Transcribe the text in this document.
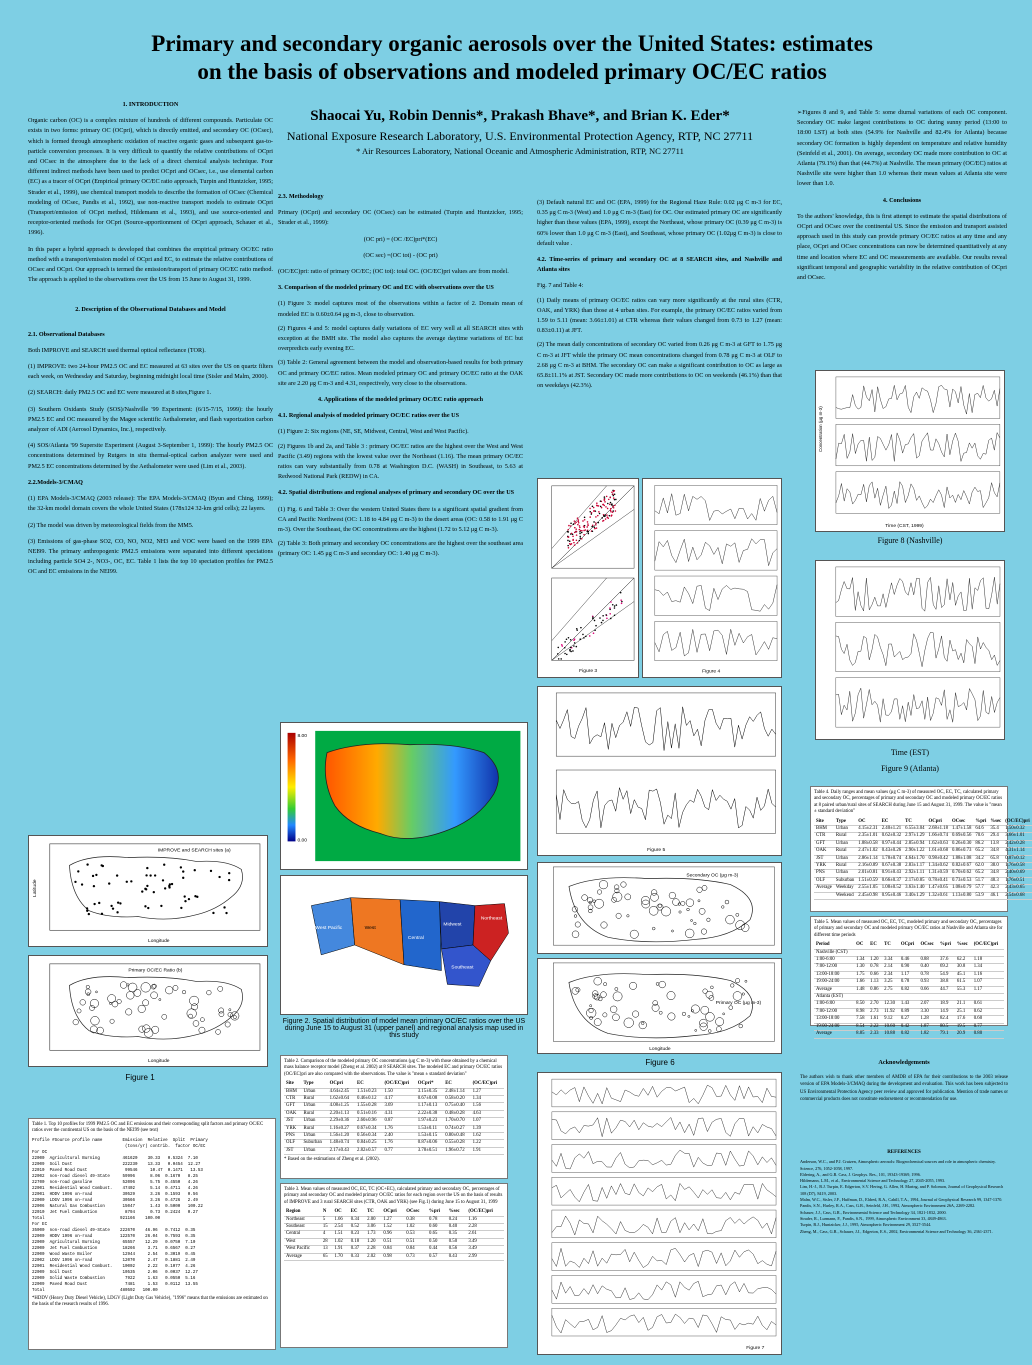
Primary and secondary organic aerosols over the United States: estimates
on the basis of observations and modeled primary OC/EC ratios
Shaocai Yu, Robin Dennis*, Prakash Bhave*, and Brian K. Eder*
National Exposure Research Laboratory, U.S. Environmental Protection Agency, RTP, NC 27711
* Air Resources Laboratory, National Oceanic and Atmospheric Administration, RTP, NC 27711
1. INTRODUCTION

Organic carbon (OC) is a complex mixture of hundreds of different compounds. Particulate OC exists in two forms: primary OC (OCpri), which is directly emitted, and secondary OC (OCsec), which is formed through atmospheric oxidation of reactive organic gases and subsequent gas-to-particle conversion processes. It is very difficult to quantify the relative contributions of OCpri and OCsec in the atmosphere due to the lack of a direct chemical analysis technique. Four different indirect methods have been used to predict OCpri and OCsec, i.e., use elemental carbon (EC) as a tracer of OCpri (Empirical primary OC/EC ratio approach, Turpin and Huntzicker, 1995; Strader et al., 1999), use chemical transport models to describe the formation of OCsec (Chemical modeling of OCsec, Pandis et al., 1992), use non-reactive transport models to estimate OCpri (Transport/emission of OCpri method, Hildemann et al., 1993), and use source-oriented and receptor-oriented methods for OCpri (Source-apportionment of OCpri approach, Schauer et al., 1996).

In this paper a hybrid approach is developed that combines the empirical primary OC/EC ratio method with a transport/emission model of OCpri and EC, to estimate the relative contributions of OCsec and OCpri. Our approach is termed the emission/transport of primary OC/EC ratio method. The approach is applied to the observations over the US from 15 June to August 31, 1999.

2. Description of the Observational Databases and Model
2.1. Observational Databases

Both IMPROVE and SEARCH used thermal optical reflectance (TOR).

(1) IMPROVE: two 24-hour PM2.5 OC and EC measured at 63 sites over the US on quartz filters each week, on Wednesday and Saturday, beginning midnight local time (Sisler and Malm, 2000).

(2) SEARCH: daily PM2.5 OC and EC were measured at 8 sites,Figure 1.

(3) Southern Oxidants Study (SOS)/Nashville '99 Experiment: (6/15-7/15, 1999): the hourly PM2.5 EC and OC measured by the Magee scientific Aethalometer, and flash vaporization carbon analyzer of ADI (Aerosol Dynamics, Inc.), respectively.

(4) SOS/Atlanta '99 Supersite Experiment (August 3-September 1, 1999): The hourly PM2.5 OC concentrations determined by Rutgers in situ thermal-optical carbon analyzer were used and PM2.5 EC concentrations determined by the Aethalometer were used (Lim et al., 2003).

2.2.Models-3/CMAQ

(1) EPA Models-3/CMAQ (2003 release): The EPA Models-3/CMAQ (Byun and Ching, 1999); the 32-km model domain covers the whole United States (178x124 32-km grid cells); 22 layers.

(2) The model was driven by meteorological fields from the MM5.

(3) Emissions of gas-phase SO2, CO, NO, NO2, NH3 and VOC were based on the 1999 EPA NEI99. The primary anthropogenic PM2.5 emissions were separated into different speciations including particle SO4 2-, NO3-, OC, EC. Table 1 lists the top 10 speciation profiles for PM2.5 OC and EC emissions in the NEI99.

IMPROVE and SEARCH sites (a)
Longitude
Latitude
Primary OC/EC Ratio (b)
Longitude
Figure 1
Table 1. Top 10 profiles for 1999 PM2.5 OC and EC emissions and their corresponding split factors and primary OC/EC ratios over the continental US on the basis of the NEI99 (see text)
Profile #Source profile name        Emission  Relative  Split  Primary
(tons/yr) contrib.  factor OC/EC
For OC
22000  Agricultural Burning         461620    30.33   0.5324  7.10
22009  Soil Dust                    222230    13.33   0.0454  12.27
22010  Paved Road Dust               99546     10.47  0.1471   13.53
22002  non-road diesel 49-State     59996      8.06  0.1670   8.25
22700  non-road gasoline            52096      5.75  0.4550   4.26
22001  Residential Wood Combust.    47402      5.14  0.4711   4.26
22001  HDDV 1996 on-road            30529      3.26  0.1593   0.56
22000  LDGV 1996 on-road            30566      3.26  0.4726   2.49
22006  Natural Gas Combustion       15047      1.43  0.5000   100.22
22010  Jet Fuel Combustion           8794      0.73  0.2424   0.27
Total                              921166    100.00
For EC
35000  non-road diesel 49-State    222670    46.96   0.7412  0.35
22000  HDDV 1996 on-road           122570    26.04   0.7593  0.35
22000  Agricultural Burning         65557    12.29   0.0750  7.10
22000  Jet Fuel Combustion          18266     3.71   0.6567  0.27
22000  Wood Waste Boiler            12944     2.54   0.3019  0.45
22002  LDGV 1996 on-road            12070     2.47   0.1881  2.49
22001  Residential Wood Combust.    10002     2.22   0.1077  4.26
22009  Soil Dust                    10535     2.06   0.0037  12.27
22000  Solid Waste Combustion        7922     1.63   0.0550  5.16
22009  Paved Road Dust               7481     1.53   0.0112  13.55
Total                              480592   100.00
*HDDV (Heavy Duty Diesel Vehicle), LDGV (Light Duty Gas Vehicle), "1996" means that the emissions are estimated on the basis of the research results of 1996.
2.3. Methodology

Primary (OCpri) and secondary OC (OCsec) can be estimated (Turpin and Huntzicker, 1995; Strader et al., 1999):

(OC pri) = (OC /EC)pri*(EC)

(OC sec) =(OC tot) - (OC pri)

(OC/EC)pri: ratio of primary OC/EC; (OC tot): total OC. (OC/EC)pri values are from model.

3. Comparison of the modeled primary OC and EC with observations over the US

(1) Figure 3: model captures most of the observations within a factor of 2. Domain mean of modeled EC is 0.60±0.64 μg m-3, close to observation.

(2) Figures 4 and 5: model captures daily variations of EC very well at all SEARCH sites with exception at the BMH site. The model also captures the average daytime variations of EC but overpredicts early evening EC.

(3) Table 2: General agreement between the model and observation-based results for both primary OC and primary OC/EC ratios. Mean modeled primary OC and primary OC/EC ratio at the OAK site are 2.20 μg C m-3 and 4.31, respectively, very close to the observations.

4. Applications of the modeled primary OC/EC ratio approach
4.1. Regional analysis of modeled primary OC/EC ratios over the US

(1) Figure 2: Six regions (NE, SE, Midwest, Central, West and West Pacific).

(2) Figures 1b and 2a, and Table 3 : primary OC/EC ratios are the highest over the West and West Pacific (3.49) regions with the lowest value over the Northeast (1.16). The mean primary OC/EC ratios can vary substantially from 0.78 at Washington D.C. (WASH) in Southeast, to 5.63 at Redwood National Park (REDW) in CA.

4.2. Spatial distributions and regional analyses of primary and secondary OC over the US

(1) Fig. 6 and Table 3: Over the western United States there is a significant spatial gradient from CA and Pacific Northwest (OC: 1.18 to 4.84 μg C m-3) to the desert areas (OC: 0.58 to 1.91 μg C m-3). Over the Southeast, the OC concentrations are the highest (1.72 to 5.12 μg C m-3).

(2) Table 3: Both primary and secondary OC concentrations are the highest over the southeast area (primary OC: 1.45 μg C m-3 and secondary OC: 1.40 μg C m-3).

8.00
0.00
West Pacific	West
Central
Midwest
Southeast
Northeast
Figure 2. Spatial distribution of model mean primary OC/EC ratios over the US during June 15 to August 31 (upper panel) and regional analysis map used in this study
Table 2. Comparison of the modeled primary OC concentrations (μg C m-3) with those obtained by a chemical mass balance receptor model (Zheng et al. 2002) at 8 SEARCH sites. The modeled EC and primary OC/EC ratios (OC/EC)pri are also compared with the observations. The value is "mean ± standard deviation"
Site	Type	OCpri	EC	(OC/EC)pri	OCpri*	EC	(OC/EC)pri
BHM	Urban	4.64±2.45	1.51±0.23	1.50	3.15±0.35	2.48±1.14	1.27
CTR	Rural	1.62±0.64	0.46±0.12	4.17	0.67±0.08	0.58±0.20	1.34
GFT	Urban	4.08±1.25	1.55±0.28	3.69	1.17±0.13	0.75±0.40	1.56
OAK	Rural	2.20±1.13	0.51±0.16	4.31	2.22±0.38	0.48±0.28	4.63
JST	Urban	2.29±0.36	2.60±0.96	0.87	1.97±0.23	1.70±0.70	1.07
YRK	Rural	1.16±0.27	0.67±0.34	1.76	1.53±0.11	0.74±0.27	1.39
PNS	Urban	1.56±1.20	0.56±0.34	2.40	1.53±0.15	0.80±0.48	1.62
OLF	Suburban	1.48±0.74	0.84±0.25	1.76	0.87±0.06	0.55±0.28	1.22
JST	Urban	2.17±0.43	2.82±0.57	0.77	3.78±0.51	1.96±0.72	1.91
* Based on the estimations of Zheng et al. (2002).
Table 3. Mean values of measured OC, EC, TC (OC+EC), calculated primary and secondary OC, percentages of primary and secondary OC and modeled primary OC/EC ratios for each region over the US on the basis of results of IMPROVE and 3 rural SEARCH sites (CTR, OAK and YRK) (see Fig.1) during June 15 to August 31, 1999
Region	N	OC	EC	TC	OCpri	OCsec	%pri	%sec	(OC/EC)pri
Northeast	5	1.66	0.34	2.00	1.27	0.38	0.78	0.24	1.16
Southeast	15	2.54	0.52	3.06	1.52	1.02	0.60	0.40	2.28
Central	4	1.51	0.23	1.73	0.96	0.53	0.65	0.35	2.61
West	28	1.02	0.18	1.20	0.51	0.51	0.50	0.50	3.49
West Pacific	13	1.91	0.37	2.28	0.84	0.84	0.44	0.56	3.49
Average	65	1.70	0.33	2.02	0.98	0.73	0.57	0.43	2.99

(3) Default natural EC and OC (EPA, 1999) for the Regional Haze Rule: 0.02 μg C m-3 for EC, 0.35 μg C m-3 (West) and 1.0 μg C m-3 (East) for OC. Our estimated primary OC are significantly higher than these values (EPA, 1999), except the Northeast, whose primary OC (0.39 μg C m-3) is 60% lower than 1.0 μg C m-3 (East), and Southeast, whose primary OC (1.02μg C m-3) is close to default value .

4.2. Time-series of primary and secondary OC at 8 SEARCH sites, and Nashville and Atlanta sites

Fig. 7 and Table 4:

(1) Daily means of primary OC/EC ratios can vary more significantly at the rural sites (CTR, OAK, and YRK) than those at 4 urban sites. For example, the primary OC/EC ratios varied from 1.59 to 5.11 (mean: 3.66±1.01) at CTR whereas their values changed from 0.73 to 1.27 (mean: 0.83±0.11) at JFT.

(2) The mean daily concentrations of secondary OC varied from 0.26 μg C m-3 at GFT to 1.75 μg C m-3 at JFT while the primary OC mean concentrations changed from 0.78 μg C m-3 at OLF to 2.68 μg C m-3 at BHM. The secondary OC can make a significant contribution to OC as large as 65.8±11.1% at JST. Secondary OC made more contributions to OC on weekends (46.1%) than that on weekdays (42.3%).

Figure 3	Figure 4
Figure 5
Secondary OC (μg m-3)
Primary OC (μg m-3)
Longitude
Figure 6
Figure 7

➢Figures 8 and 9, and Table 5: some diurnal variations of each OC component. Secondary OC make largest contributions to OC during sunny period (13:00 to 18:00 LST) at both sites (54.9% for Nashville and 82.4% for Atlanta) because secondary OC formation is highly dependent on temperature and relative humidity (Seinfeld et al., 2001). On average, secondary OC made more contribution to OC at Atlanta (79.1%) than that (44.7%) at Nashville. The mean primary (OC/EC) ratios at Nashville site were higher than 1.0 whereas their mean values at Atlanta site were lower than 1.0.

4. Conclusions

To the authors' knowledge, this is first attempt to estimate the spatial distributions of OCpri and OCsec over the continental US. Since the emission and transport assisted approach used in this study can provide primary OC/EC ratios at any time and any place, OCpri and OCsec concentrations can now be determined quantitatively at any time and location where EC and OC measurements are available. Our results reveal significant temporal and geographic variability in the relative contribution of OCpri and OCsec.

Concentration (μg m-3)
Time (CST, 1999)
Figure 8 (Nashville)
Time (EST)
Figure 9 (Atlanta)
Table 4. Daily ranges and mean values (μg C m-3) of measured OC, EC, TC, calculated primary and secondary OC, percentages of primary and secondary OC and modeled primary OC/EC ratios at 8 paired urban/rural sites of SEARCH during June 15 and August 31, 1999. The value is "mean ± standard deviation"
Site	Type	OC	EC	TC	OCpri	OCsec	%pri	%sec	(OC/EC)pri
BHM	Urban	4.15±2.31	2.40±1.21	6.55±3.04	2.68±1.18	1.47±1.58	64.6	35.4	1.50±0.32
CTR	Rural	2.35±1.01	0.62±0.32	2.97±1.29	1.66±0.74	0.69±0.56	70.6	29.4	3.66±1.01
GFT	Urban	1.88±0.58	0.97±0.44	2.85±0.94	1.62±0.63	0.26±0.30	86.2	13.8	2.42±0.28
OAK	Rural	2.47±1.02	0.43±0.26	2.90±1.22	1.61±0.68	0.86±0.73	65.2	34.8	4.31±1.14
JST	Urban	2.86±1.14	1.78±0.74	4.64±1.70	0.98±0.42	1.88±1.08	34.2	65.8	0.87±0.12
YRK	Rural	2.16±0.89	0.67±0.38	2.83±1.17	1.34±0.62	0.82±0.67	62.0	38.0	1.76±0.58
PNS	Urban	2.01±0.81	0.91±0.43	2.92±1.11	1.31±0.59	0.70±0.62	65.2	34.8	2.40±0.69
OLF	Suburban	1.51±0.59	0.66±0.37	2.17±0.85	0.78±0.41	0.73±0.53	51.7	48.3	1.76±0.51
Average	Weekday	2.55±1.05	1.08±0.52	3.63±1.40	1.47±0.65	1.08±0.79	57.7	42.3	2.43±0.65
	Weekend	2.45±0.98	0.95±0.46	3.40±1.29	1.32±0.61	1.13±0.80	53.9	46.1	2.54±0.68
Table 5. Mean values of measured OC, EC, TC, modeled primary and secondary OC, percentages of primary and secondary OC and modeled primary OC/EC ratios at Nashville and Atlanta site for different time periods
Period	OC	EC	TC	OCpri	OCsec	%pri	%sec	(OC/EC)pri
Nashville (CST)								
1:00-6:00	1.34	1.20	3.34	0.46	0.88	37.6	62.2	1.18
7:00-12:00	1.30	0.78	2.14	0.90	0.40	69.2	30.8	1.34
13:00-18:00	1.75	0.66	2.34	1.17	0.78	54.9	45.1	1.16
19:00-24:00	1.66	1.13	3.25	0.78	0.93	38.8	61.5	1.07
Average	1.48	0.86	2.75	0.82	0.66	44.7	55.3	1.17
Atlanta (EST)								
1:00-6:00	8.50	2.70	12.30	1.43	2.07	18.9	21.1	0.61
7:00-12:00	8.98	2.73	11.92	0.89	3.30	14.9	25.1	0.62
13:00-18:00	7.58	1.61	9.12	0.27	1.28	82.4	17.6	0.60
19:00-24:00	8.54	2.22	10.60	0.42	1.87	80.5	19.5	0.77
Average	8.85	2.33	10.88	0.82	1.82	79.1	20.9	0.80
Acknowledgements

The authors wish to thank other members of AMDB of EPA for their contributions to the 2003 release version of EPA Models-3/CMAQ during the development and evaluation. This work has been subjected to US Environmental Protection Agency peer review and approved for publication. Mention of trade names or commercial products does not constitute endorsement or recommendation for use.

REFERENCES
Anderson, W.C., and P.J. Crutzen, Atmospheric aerosols: Biogeochemical sources and role in atmospheric chemistry. Science, 276, 1052-1058, 1997.
Eldering, A., and G.R. Cass, J. Geophys. Res., 101, 19343-19369, 1996.
Hildemann, L.M., et al., Environmental Science and Technology 27, 2045-2055, 1993.
Lim, H.-J., B.J. Turpin, E. Edgerton, S.V. Hering, G. Allen, H. Maring, and P. Solomon, Journal of Geophysical Research 108 (D7), 8419, 2003.
Malm, W.C., Sisler, J.F., Huffman, D., Eldred, R.A., Cahill, T.A., 1994, Journal of Geophysical Research 99, 1347-1370.
Pandis, S.N., Harley, R.A., Cass, G.R., Seinfeld, J.H., 1992, Atmospheric Environment 26A, 2269-2282.
Schauer, J.J., Cass, G.R., Environmental Science and Technology 34, 1821-1832, 2000.
Strader, R., Lurmann, F., Pandis, S.N., 1999, Atmospheric Environment 33, 4849-4863.
Turpin, B.J., Huntzicker, J.J., 1995, Atmospheric Environment 29, 3527-3544.
Zheng, M., Cass, G.R., Schauer, J.J., Edgerton, E.S., 2002, Environmental Science and Technology 36, 2361-2371.
